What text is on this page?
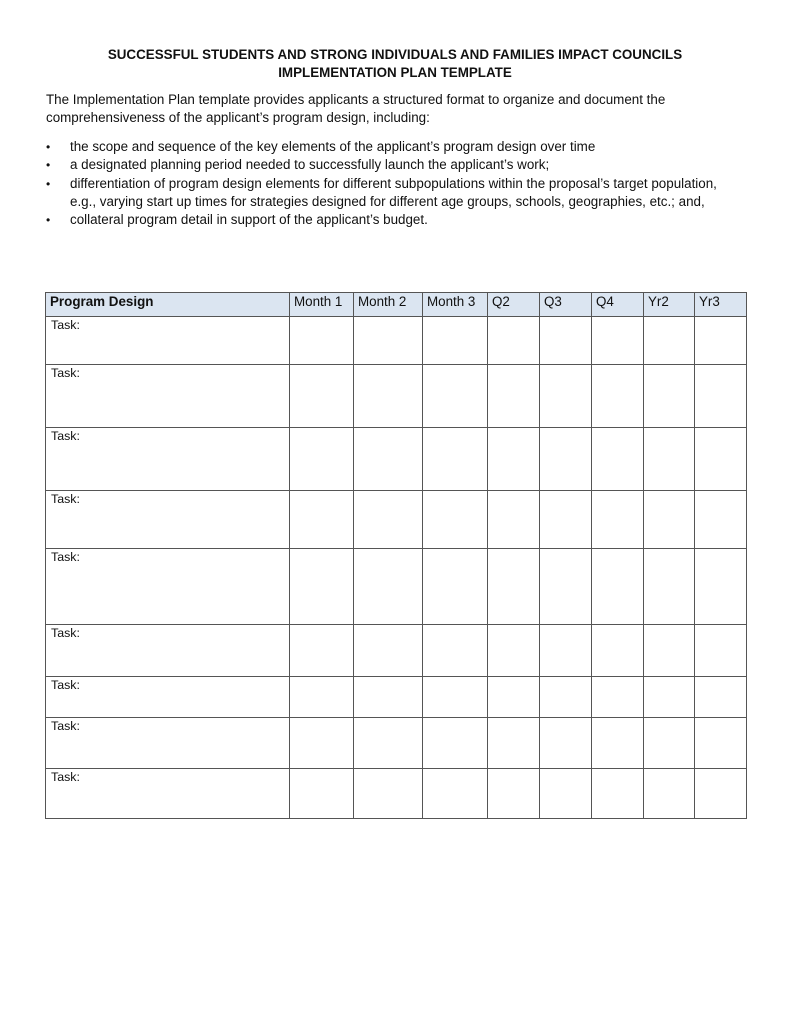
SUCCESSFUL STUDENTS AND STRONG INDIVIDUALS AND FAMILIES IMPACT COUNCILS
IMPLEMENTATION PLAN TEMPLATE
The Implementation Plan template provides applicants a structured format to organize and document the
comprehensiveness of the applicant’s program design, including:
• the scope and sequence of the key elements of the applicant’s program design over time
• a designated planning period needed to successfully launch the applicant’s work;
• differentiation of program design elements for different subpopulations within the proposal’s target population, e.g., varying start up times for strategies designed for different age groups, schools, geographies, etc.; and,
• collateral program detail in support of the applicant’s budget.
Program Design	Month 1	Month 2	Month 3	Q2	Q3	Q4	Yr2	Yr3
Task:								
Task:								
Task:								
Task:								
Task:								
Task:								
Task:								
Task:								
Task:								
